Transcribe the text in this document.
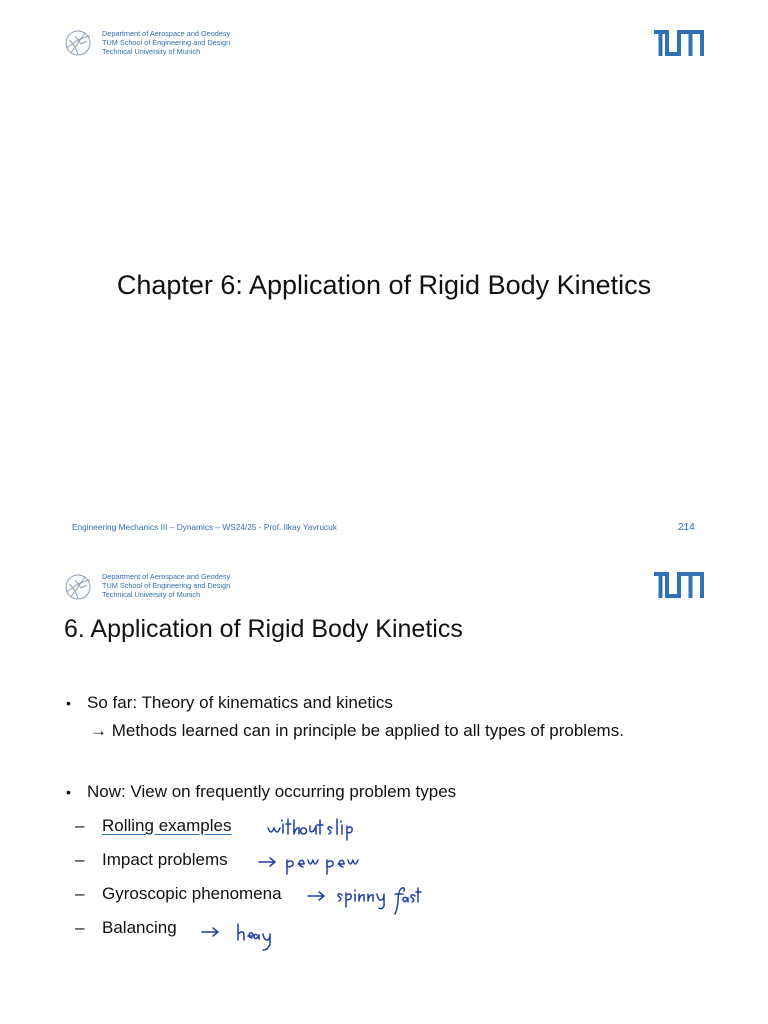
Department of Aerospace and Geodesy
TUM School of Engineering and Design
Technical University of Munich
Chapter 6: Application of Rigid Body Kinetics
Engineering Mechanics III – Dynamics – WS24/25 - Prof. Ilkay Yavrucuk	214
Department of Aerospace and Geodesy
TUM School of Engineering and Design
Technical University of Munich
6. Application of Rigid Body Kinetics
• So far: Theory of kinematics and kinetics
→ Methods learned can in principle be applied to all types of problems.
• Now: View on frequently occurring problem types
– Rolling examples
– Impact problems
– Gyroscopic phenomena
– Balancing
